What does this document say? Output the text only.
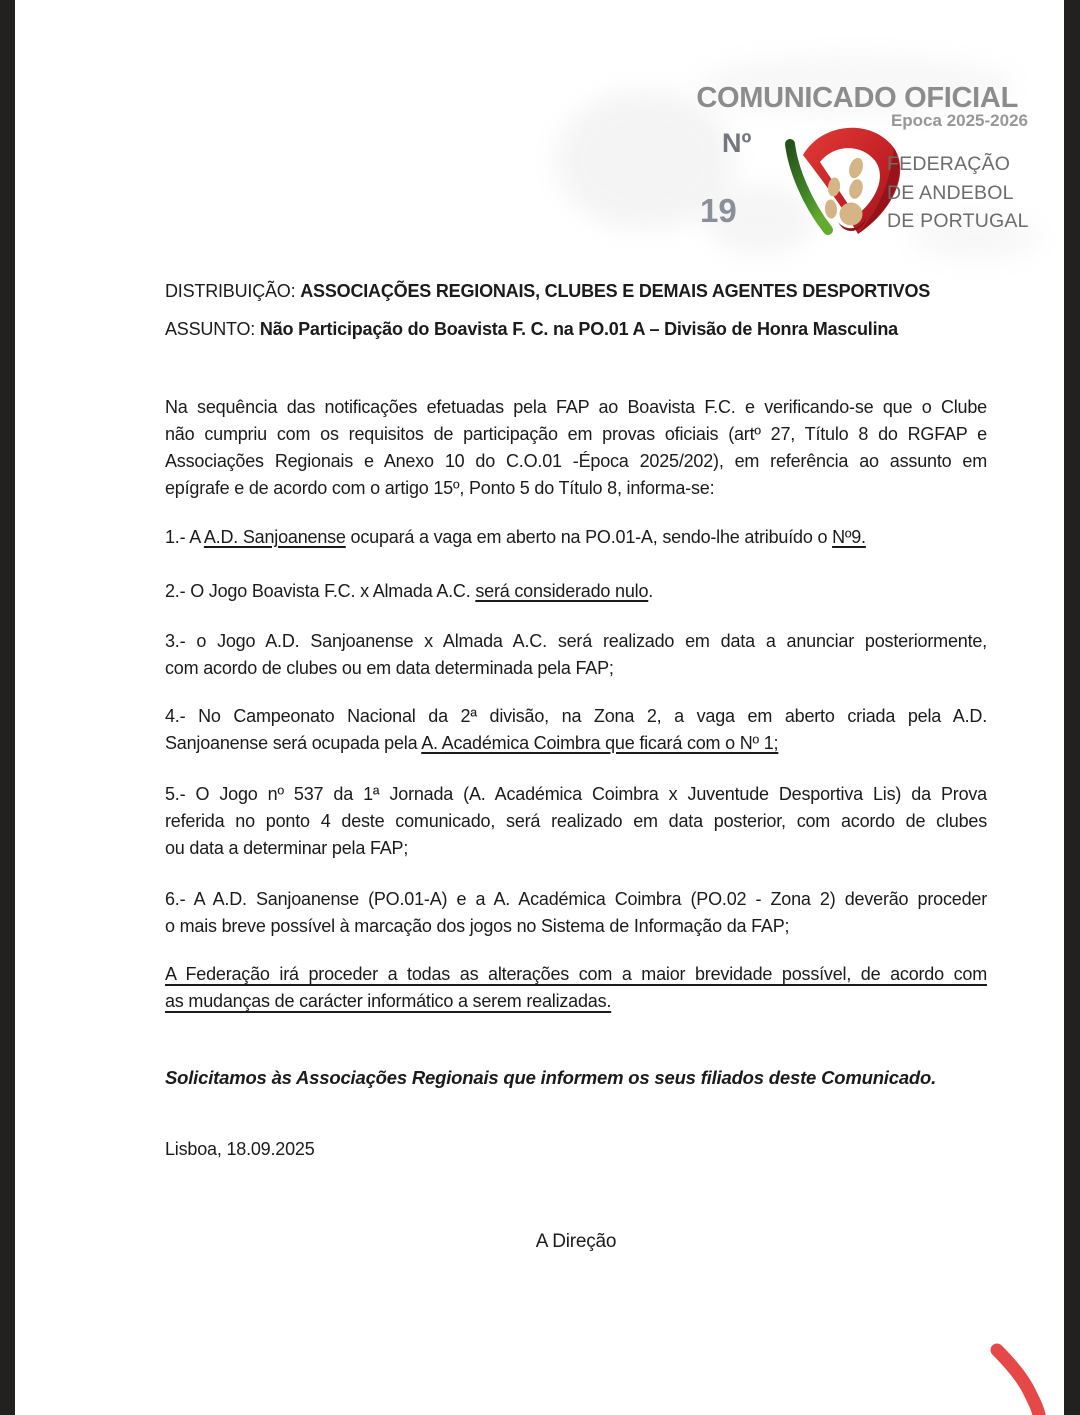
COMUNICADO OFICIAL
Epoca 2025-2026
Nº
19
FEDERAÇÃO
DE ANDEBOL
DE PORTUGAL
DISTRIBUIÇÃO: ASSOCIAÇÕES REGIONAIS, CLUBES E DEMAIS AGENTES DESPORTIVOS
ASSUNTO: Não Participação do Boavista F. C. na PO.01 A – Divisão de Honra Masculina
Na sequência das notificações efetuadas pela FAP ao Boavista F.C. e verificando-se que o Clube
não cumpriu com os requisitos de participação em provas oficiais (artº 27, Título 8 do RGFAP e
Associações Regionais e Anexo 10 do C.O.01 -Época 2025/202), em referência ao assunto em
epígrafe e de acordo com o artigo 15º, Ponto 5 do Título 8, informa-se:
1.- A A.D. Sanjoanense ocupará a vaga em aberto na PO.01-A, sendo-lhe atribuído o Nº9.
2.- O Jogo Boavista F.C. x Almada A.C. será considerado nulo.
3.- o Jogo A.D. Sanjoanense x Almada A.C. será realizado em data a anunciar posteriormente,
com acordo de clubes ou em data determinada pela FAP;
4.- No Campeonato Nacional da 2ª divisão, na Zona 2, a vaga em aberto criada pela A.D.
Sanjoanense será ocupada pela A. Académica Coimbra que ficará com o Nº 1;
5.- O Jogo nº 537 da 1ª Jornada (A. Académica Coimbra x Juventude Desportiva Lis) da Prova
referida no ponto 4 deste comunicado, será realizado em data posterior, com acordo de clubes
ou data a determinar pela FAP;
6.- A A.D. Sanjoanense (PO.01-A) e a A. Académica Coimbra (PO.02 - Zona 2) deverão proceder
o mais breve possível à marcação dos jogos no Sistema de Informação da FAP;
A Federação irá proceder a todas as alterações com a maior brevidade possível, de acordo com
as mudanças de carácter informático a serem realizadas.
Solicitamos às Associações Regionais que informem os seus filiados deste Comunicado.
Lisboa, 18.09.2025
A Direção
